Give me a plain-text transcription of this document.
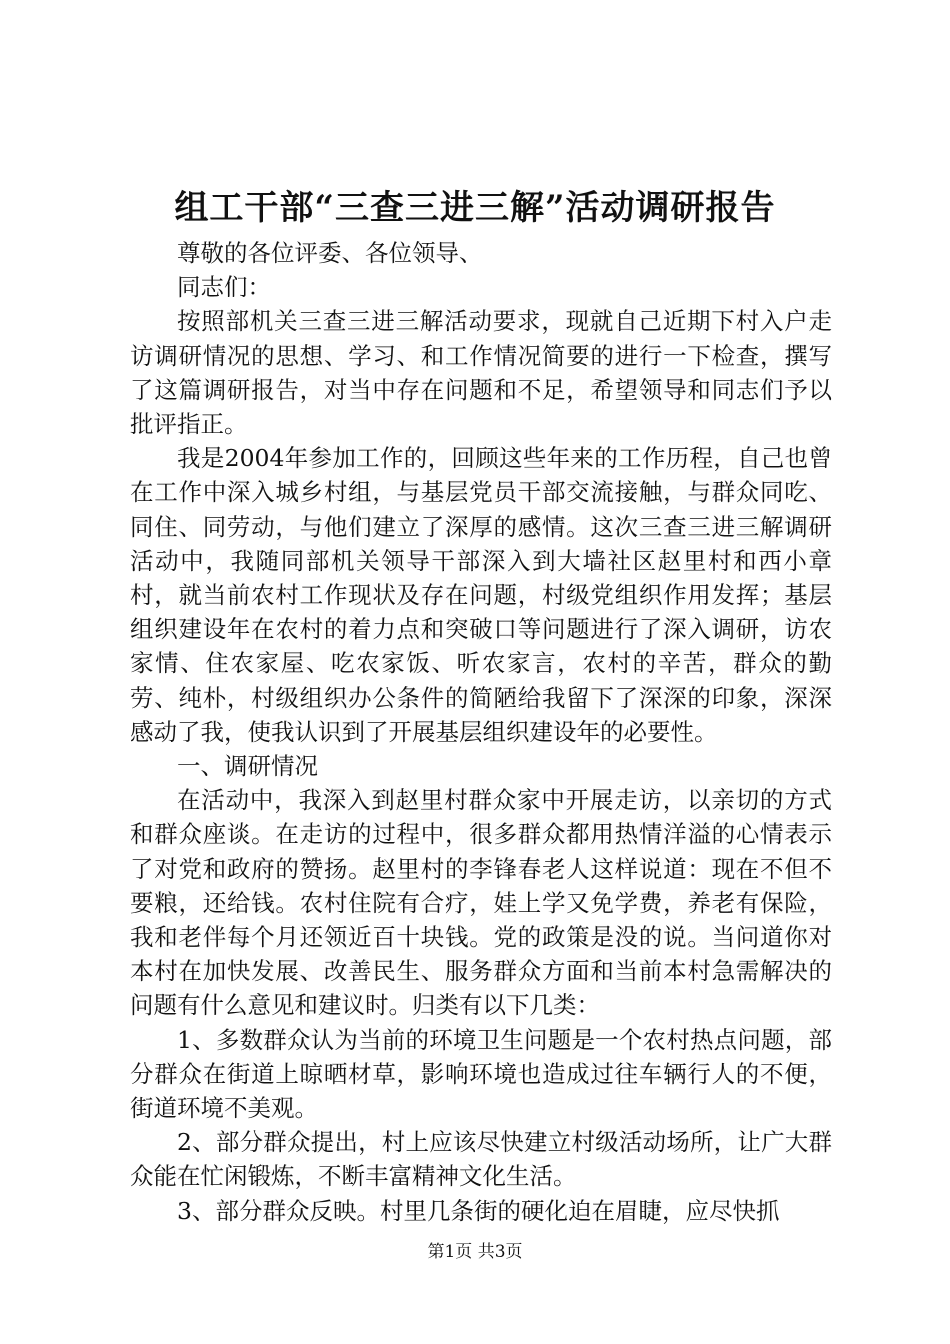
组工干部“三查三进三解”活动调研报告

尊敬的各位评委、各位领导、

同志们：

按照部机关三查三进三解活动要求，现就自己近期下村入户走访调研情况的思想、学习、和工作情况简要的进行一下检查，撰写了这篇调研报告，对当中存在问题和不足，希望领导和同志们予以批评指正。

我是2004年参加工作的，回顾这些年来的工作历程，自己也曾在工作中深入城乡村组，与基层党员干部交流接触，与群众同吃、同住、同劳动，与他们建立了深厚的感情。这次三查三进三解调研活动中，我随同部机关领导干部深入到大墙社区赵里村和西小章村，就当前农村工作现状及存在问题，村级党组织作用发挥；基层组织建设年在农村的着力点和突破口等问题进行了深入调研，访农家情、住农家屋、吃农家饭、听农家言，农村的辛苦，群众的勤劳、纯朴，村级组织办公条件的简陋给我留下了深深的印象，深深感动了我，使我认识到了开展基层组织建设年的必要性。

一、调研情况

在活动中，我深入到赵里村群众家中开展走访，以亲切的方式和群众座谈。在走访的过程中，很多群众都用热情洋溢的心情表示了对党和政府的赞扬。赵里村的李锋春老人这样说道：现在不但不要粮，还给钱。农村住院有合疗，娃上学又免学费，养老有保险，我和老伴每个月还领近百十块钱。党的政策是没的说。当问道你对本村在加快发展、改善民生、服务群众方面和当前本村急需解决的问题有什么意见和建议时。归类有以下几类：

1、多数群众认为当前的环境卫生问题是一个农村热点问题，部分群众在街道上晾晒材草，影响环境也造成过往车辆行人的不便，街道环境不美观。

2、部分群众提出，村上应该尽快建立村级活动场所，让广大群众能在忙闲锻炼，不断丰富精神文化生活。

3、部分群众反映。村里几条街的硬化迫在眉睫，应尽快抓

第1页 共3页
